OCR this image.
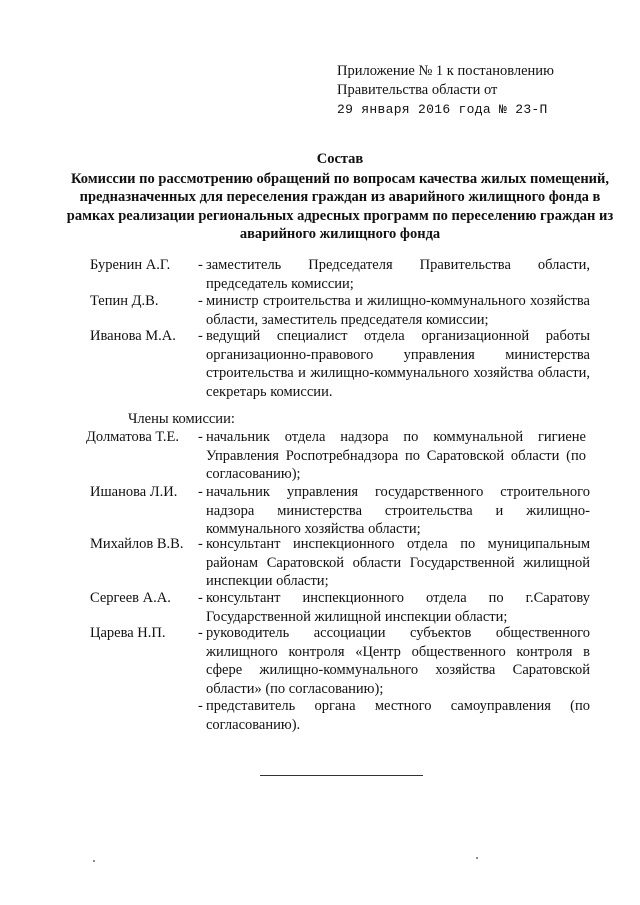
Приложение № 1 к постановлению
Правительства области от
29 января 2016 года № 23-П
Состав
Комиссии по рассмотрению обращений по вопросам качества жилых помещений, предназначенных для переселения граждан из аварийного жилищного фонда в рамках реализации региональных адресных программ по переселению граждан из аварийного жилищного фонда
Буренин А.Г. - заместитель Председателя Правительства области, председатель комиссии;
Тепин Д.В.	- министр строительства и жилищно-коммунального хозяйства области, заместитель председателя комиссии;
Иванова М.А. - ведущий специалист отдела организационной работы организационно-правового управления министерства строительства и жилищно-коммунального хозяйства области, секретарь комиссии.
Члены комиссии:
Долматова Т.Е. - начальник отдела надзора по коммунальной гигиене Управления Роспотребнадзора по Саратовской области (по согласованию);
Ишанова Л.И. - начальник управления государственного строительного надзора министерства строительства и жилищно-коммунального хозяйства области;
Михайлов В.В. - консультант инспекционного отдела по муниципальным районам Саратовской области Государственной жилищной инспекции области;
Сергеев А.А. - консультант инспекционного отдела по г.Саратову Государственной жилищной инспекции области;
Царева Н.П. - руководитель ассоциации субъектов общественного жилищного контроля «Центр общественного контроля в сфере жилищно-коммунального хозяйства Саратовской области» (по согласованию);
- представитель органа местного самоуправления (по согласованию).
